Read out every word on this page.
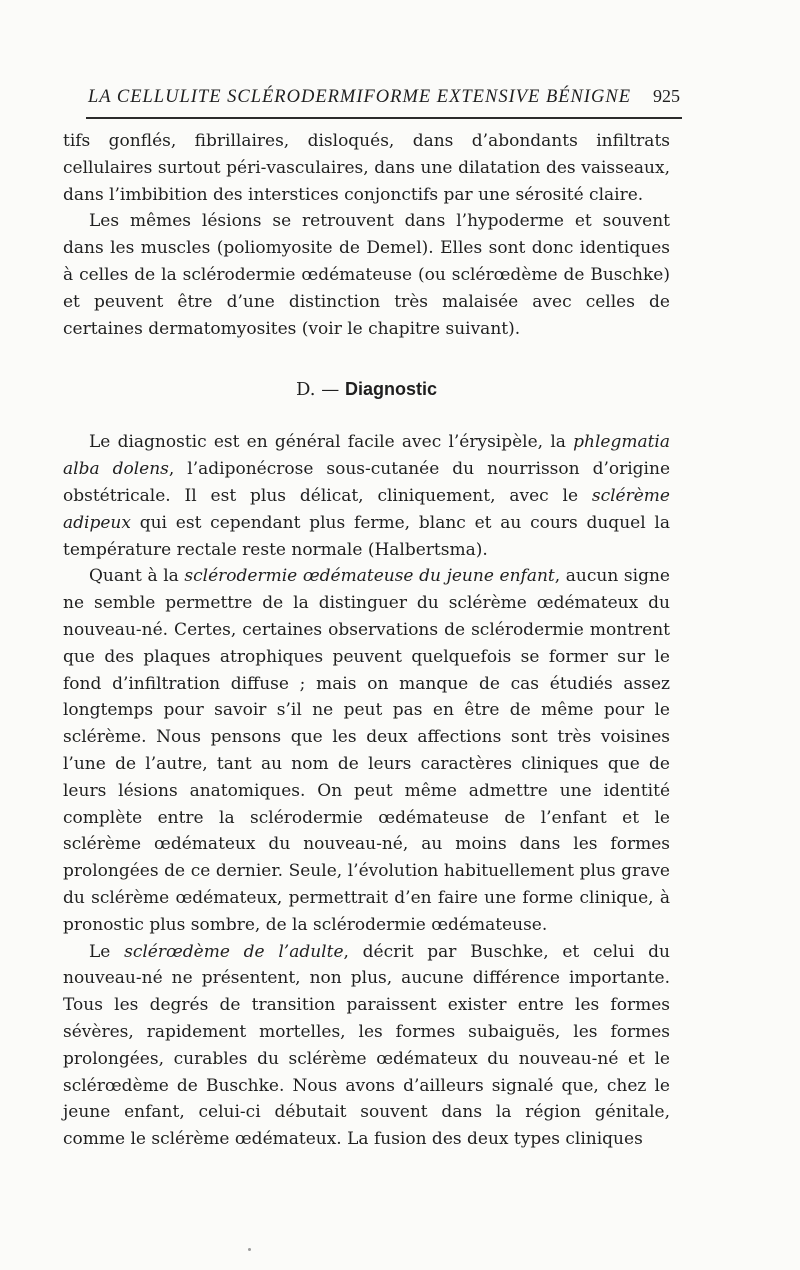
LA CELLULITE SCLÉRODERMIFORME EXTENSIVE BÉNIGNE 925

tifs gonflés, fibrillaires, disloqués, dans d’abondants infiltrats cellulaires surtout péri-vasculaires, dans une dilatation des vaisseaux, dans l’imbibition des interstices conjonctifs par une sérosité claire.

Les mêmes lésions se retrouvent dans l’hypoderme et souvent dans les muscles (poliomyosite de Demel). Elles sont donc identiques à celles de la sclérodermie œdémateuse (ou sclérœdème de Buschke) et peuvent être d’une distinction très malaisée avec celles de certaines dermatomyosites (voir le chapitre suivant).

D. — Diagnostic

Le diagnostic est en général facile avec l’érysipèle, la phlegmatia alba dolens, l’adiponécrose sous-cutanée du nourrisson d’origine obstétricale. Il est plus délicat, cliniquement, avec le sclérème adipeux qui est cependant plus ferme, blanc et au cours duquel la température rectale reste normale (Halbertsma).

Quant à la sclérodermie œdémateuse du jeune enfant, aucun signe ne semble permettre de la distinguer du sclérème œdémateux du nouveau-né. Certes, certaines observations de sclérodermie montrent que des plaques atrophiques peuvent quelquefois se former sur le fond d’infiltration diffuse ; mais on manque de cas étudiés assez longtemps pour savoir s’il ne peut pas en être de même pour le sclérème. Nous pensons que les deux affections sont très voisines l’une de l’autre, tant au nom de leurs caractères cliniques que de leurs lésions anatomiques. On peut même admettre une identité complète entre la sclérodermie œdémateuse de l’enfant et le sclérème œdémateux du nouveau-né, au moins dans les formes prolongées de ce dernier. Seule, l’évolution habituellement plus grave du sclérème œdémateux, permettrait d’en faire une forme clinique, à pronostic plus sombre, de la sclérodermie œdémateuse.

Le sclérœdème de l’adulte, décrit par Buschke, et celui du nouveau-né ne présentent, non plus, aucune différence importante. Tous les degrés de transition paraissent exister entre les formes sévères, rapidement mortelles, les formes subaiguës, les formes prolongées, curables du sclérème œdémateux du nouveau-né et le sclérœdème de Buschke. Nous avons d’ailleurs signalé que, chez le jeune enfant, celui-ci débutait souvent dans la région génitale, comme le sclérème œdémateux. La fusion des deux types cliniques
